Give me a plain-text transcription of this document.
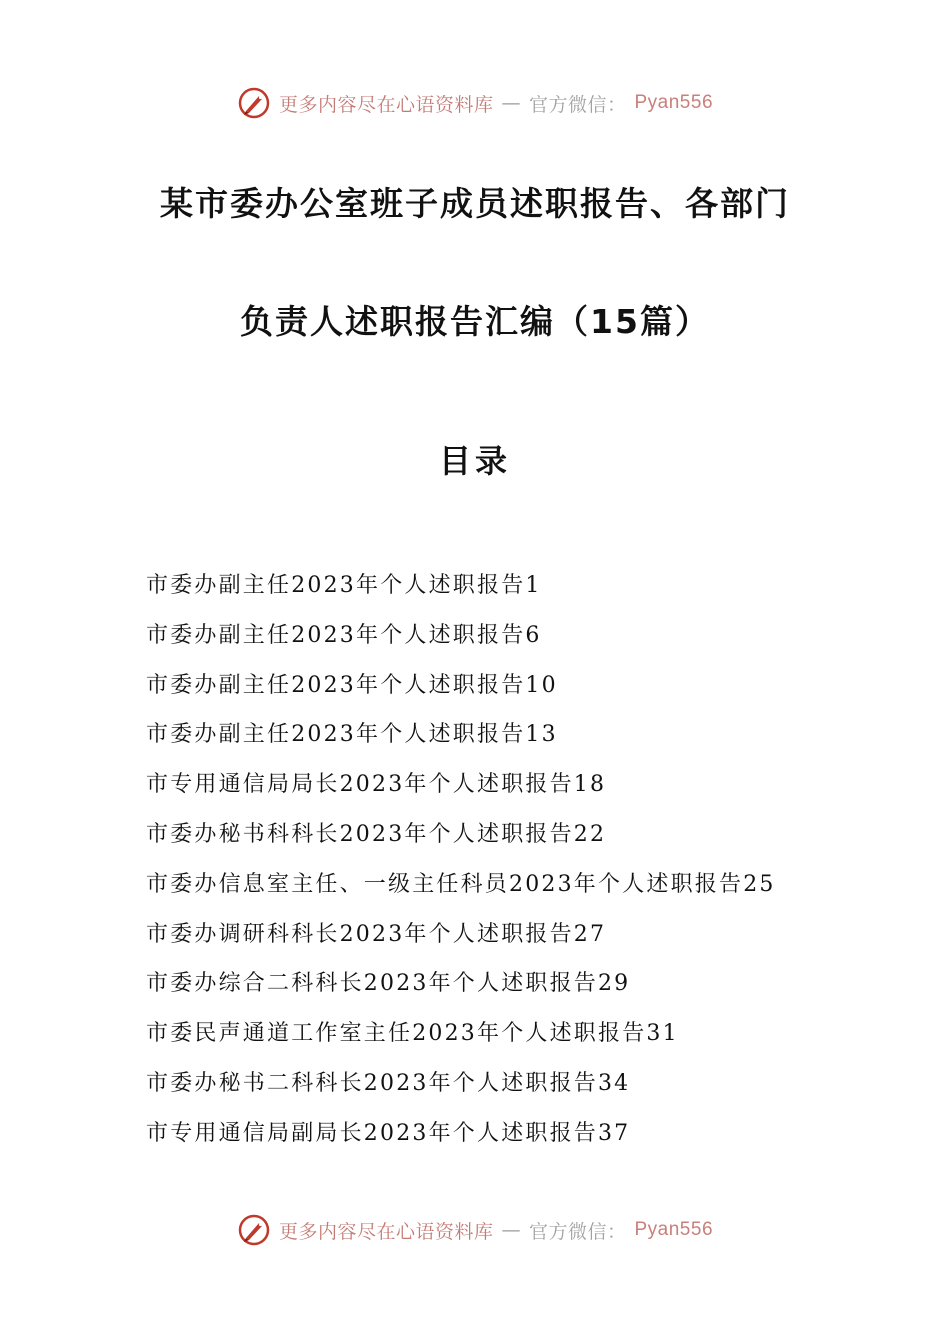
更多内容尽在心语资料库 — 官方微信： Pyan556
某市委办公室班子成员述职报告、各部门
负责人述职报告汇编（15篇）
目录
市委办副主任2023年个人述职报告1
市委办副主任2023年个人述职报告6
市委办副主任2023年个人述职报告10
市委办副主任2023年个人述职报告13
市专用通信局局长2023年个人述职报告18
市委办秘书科科长2023年个人述职报告22
市委办信息室主任、一级主任科员2023年个人述职报告25
市委办调研科科长2023年个人述职报告27
市委办综合二科科长2023年个人述职报告29
市委民声通道工作室主任2023年个人述职报告31
市委办秘书二科科长2023年个人述职报告34
市专用通信局副局长2023年个人述职报告37
更多内容尽在心语资料库 — 官方微信： Pyan556
